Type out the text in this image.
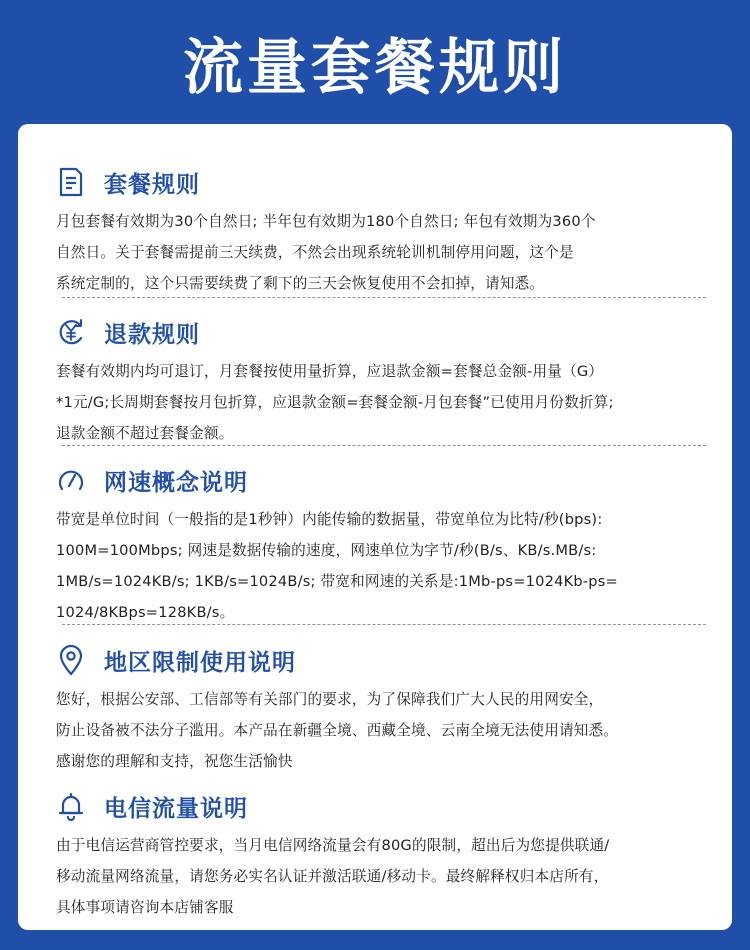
流量套餐规则
套餐规则

月包套餐有效期为30个自然日; 半年包有效期为180个自然日; 年包有效期为360个

自然日。关于套餐需提前三天续费，不然会出现系统轮训机制停用问题，这个是

系统定制的，这个只需要续费了剩下的三天会恢复使用不会扣掉，请知悉。

退款规则

套餐有效期内均可退订，月套餐按使用量折算，应退款金额=套餐总金额-用量（G）

*1元/G;长周期套餐按月包折算，应退款金额=套餐金额-月包套餐”已使用月份数折算;

退款金额不超过套餐金额。

网速概念说明

带宽是单位时间（一般指的是1秒钟）内能传输的数据量，带宽单位为比特/秒(bps):

100M=100Mbps; 网速是数据传输的速度，网速单位为字节/秒(B/s、KB/s.MB/s:

1MB/s=1024KB/s; 1KB/s=1024B/s; 带宽和网速的关系是:1Mb-ps=1024Kb-ps=

1024/8KBps=128KB/s。

地区限制使用说明

您好，根据公安部、工信部等有关部门的要求，为了保障我们广大人民的用网安全，

防止设备被不法分子滥用。本产品在新疆全境、西藏全境、云南全境无法使用请知悉。

感谢您的理解和支持，祝您生活愉快

电信流量说明

由于电信运营商管控要求，当月电信网络流量会有80G的限制，超出后为您提供联通/

移动流量网络流量，请您务必实名认证并激活联通/移动卡。最终解释权归本店所有，

具体事项请咨询本店铺客服
